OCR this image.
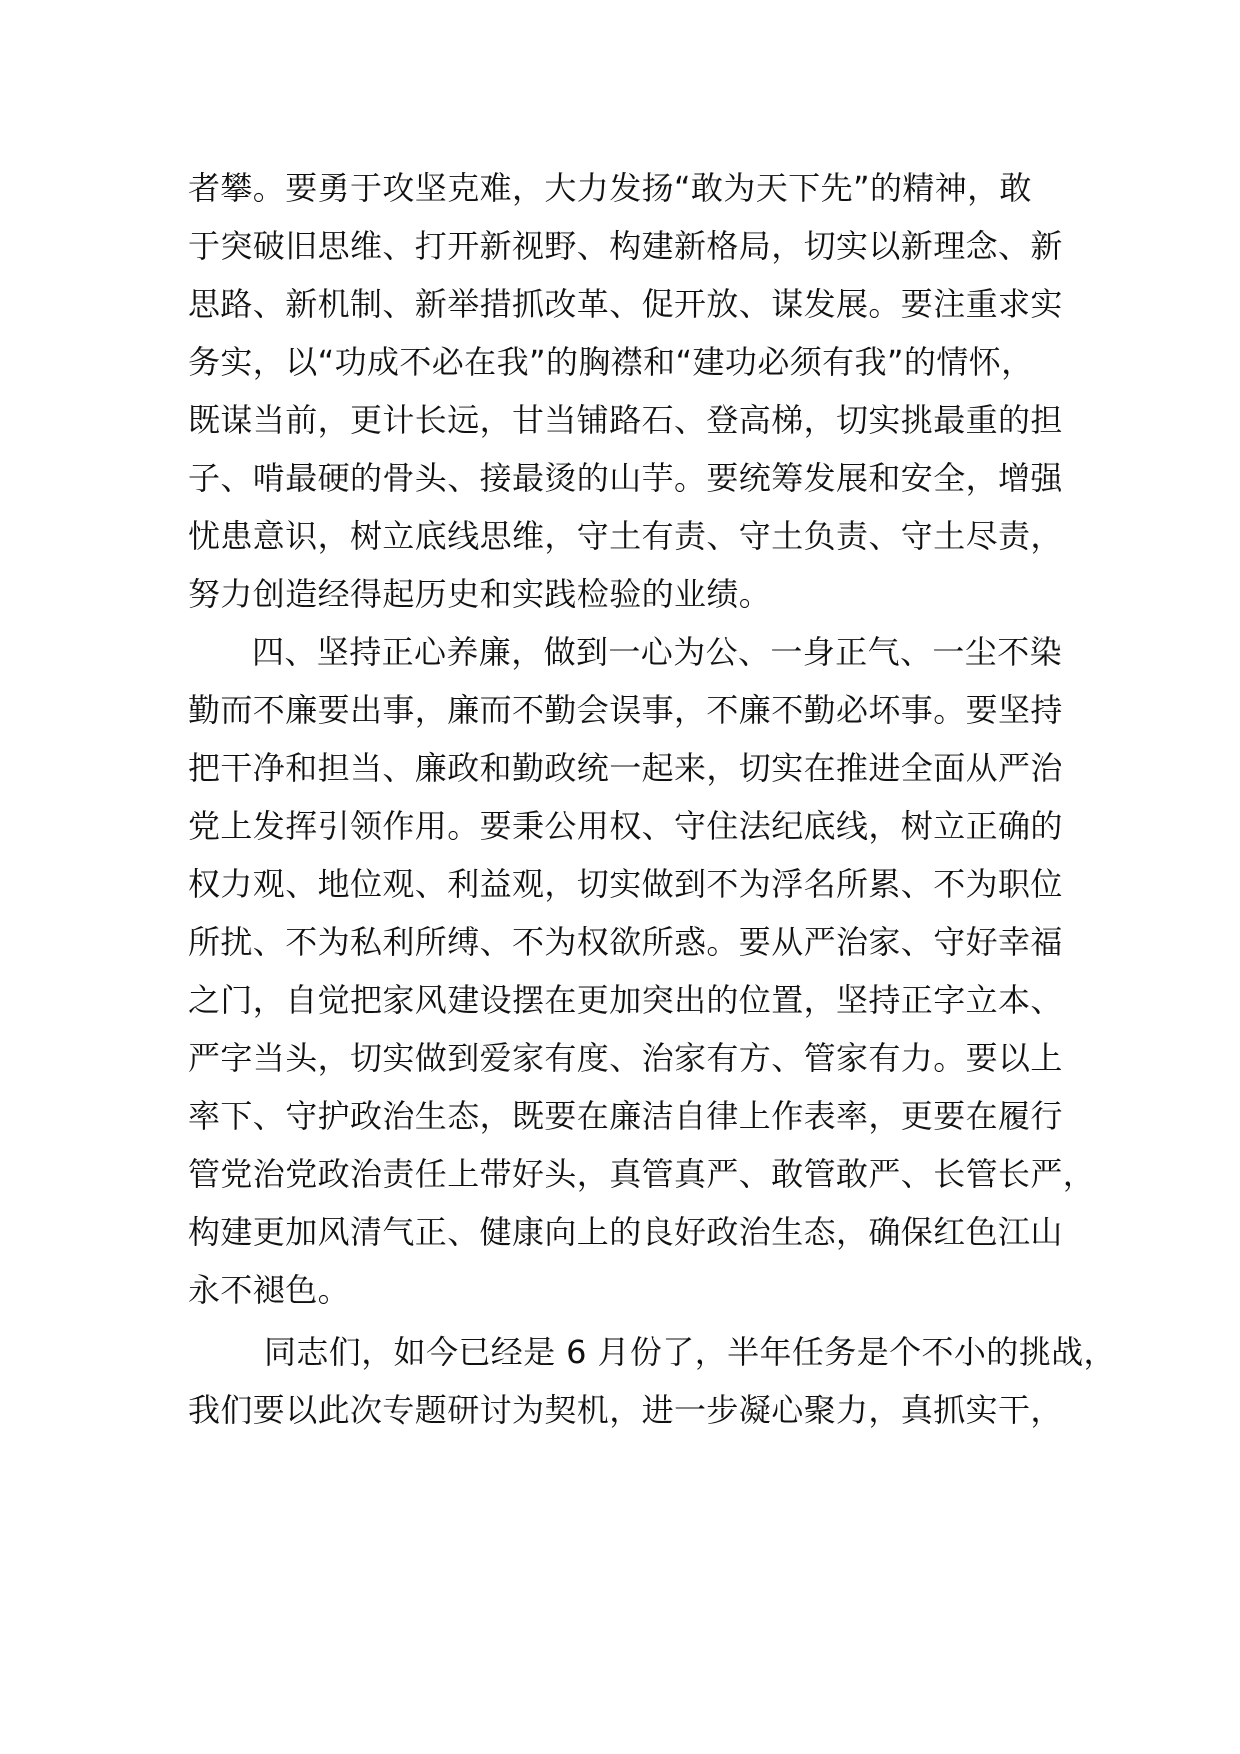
者攀。要勇于攻坚克难，大力发扬“敢为天下先”的精神，敢
于突破旧思维、打开新视野、构建新格局，切实以新理念、新
思路、新机制、新举措抓改革、促开放、谋发展。要注重求实
务实，以“功成不必在我”的胸襟和“建功必须有我”的情怀，
既谋当前，更计长远，甘当铺路石、登高梯，切实挑最重的担
子、啃最硬的骨头、接最烫的山芋。要统筹发展和安全，增强
忧患意识，树立底线思维，守土有责、守土负责、守土尽责，
努力创造经得起历史和实践检验的业绩。
四、坚持正心养廉，做到一心为公、一身正气、一尘不染
勤而不廉要出事，廉而不勤会误事，不廉不勤必坏事。要坚持
把干净和担当、廉政和勤政统一起来，切实在推进全面从严治
党上发挥引领作用。要秉公用权、守住法纪底线，树立正确的
权力观、地位观、利益观，切实做到不为浮名所累、不为职位
所扰、不为私利所缚、不为权欲所惑。要从严治家、守好幸福
之门，自觉把家风建设摆在更加突出的位置，坚持正字立本、
严字当头，切实做到爱家有度、治家有方、管家有力。要以上
率下、守护政治生态，既要在廉洁自律上作表率，更要在履行
管党治党政治责任上带好头，真管真严、敢管敢严、长管长严，
构建更加风清气正、健康向上的良好政治生态，确保红色江山
永不褪色。
同志们，如今已经是 6 月份了，半年任务是个不小的挑战，
我们要以此次专题研讨为契机，进一步凝心聚力，真抓实干，
